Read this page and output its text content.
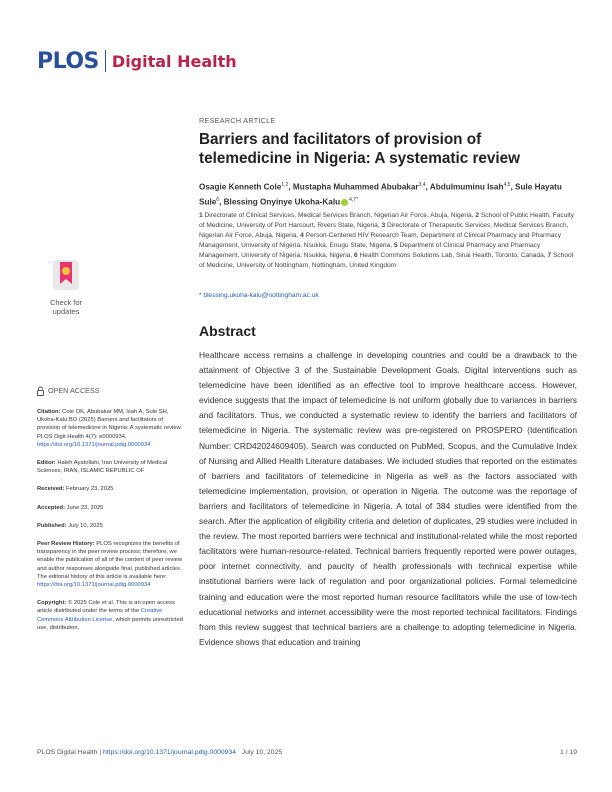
PLOS Digital Health
RESEARCH ARTICLE
Barriers and facilitators of provision of telemedicine in Nigeria: A systematic review
Osagie Kenneth Cole$^{1,2}$, Mustapha Muhammed Abubakar$^{3,4}$, Abdulmuminu Isah$^{4,5}$, Sule Hayatu Sule$^6$, Blessing Onyinye Ukoha-Kalu $^{4,7*}$
1 Directorate of Clinical Services, Medical Services Branch, Nigerian Air Force, Abuja, Nigeria, 2 School of Public Health, Faculty of Medicine, University of Port Harcourt, Rivers State, Nigeria, 3 Directorate of Therapeutic Services, Medical Services Branch, Nigerian Air Force, Abuja, Nigeria, 4 Person-Centered HIV Research Team, Department of Clinical Pharmacy and Pharmacy Management, University of Nigeria, Nsukka, Enugu State, Nigeria, 5 Department of Clinical Pharmacy and Pharmacy Management, University of Nigeria, Nsukka, Nigeria, 6 Health Commons Solutions Lab, Sinai Health, Toronto, Canada, 7 School of Medicine, University of Nottingham, Nottingham, United Kingdom
* blessing.ukoha-kalu@nottingham.ac.uk
Abstract

Healthcare access remains a challenge in developing countries and could be a drawback to the attainment of Objective 3 of the Sustainable Development Goals. Digital interventions such as telemedicine have been identified as an effective tool to improve healthcare access. However, evidence suggests that the impact of telemedicine is not uniform globally due to variances in barriers and facilitators. Thus, we conducted a systematic review to identify the barriers and facilitators of telemedicine in Nigeria. The systematic review was pre-registered on PROSPERO (Identification Number: CRD42024609405). Search was conducted on PubMed, Scopus, and the Cumulative Index of Nursing and Allied Health Literature databases. We included studies that reported on the estimates of barriers and facilitators of telemedicine in Nigeria as well as the factors associated with telemedicine implementation, provision, or operation in Nigeria. The outcome was the reportage of barriers and facilitators of telemedicine in Nigeria. A total of 384 studies were identified from the search. After the application of eligibility criteria and deletion of duplicates, 29 studies were included in the review. The most reported barriers were technical and institutional-related while the most reported facilitators were human-resource-related. Technical barriers frequently reported were power outages, poor internet connectivity, and paucity of health professionals with technical expertise while institutional barriers were lack of regulation and poor organizational policies. Formal telemedicine training and education were the most reported human resource facilitators while the use of low-tech educational networks and internet accessibility were the most reported technical facilitators. Findings from this review suggest that technical barriers are a challenge to adopting telemedicine in Nigeria. Evidence shows that education and training

Check for
updates
OPEN ACCESS

Citation: Cole OK, Abubakar MM, Isah A, Sule SH, Ukoha-Kalu BO (2025) Barriers and facilitators of provision of telemedicine in Nigeria: A systematic review. PLOS Digit Health 4(7): e0000934. https://doi.org/10.1371/journal.pdig.0000934

Editor: Haleh Ayatollahi, Iran University of Medical Sciences, IRAN, ISLAMIC REPUBLIC OF

Received: February 23, 2025

Accepted: June 23, 2025

Published: July 10, 2025

Peer Review History: PLOS recognizes the benefits of transparency in the peer review process; therefore, we enable the publication of all of the content of peer review and author responses alongside final, published articles. The editorial history of this article is available here: https://doi.org/10.1371/journal.pdig.0000934

Copyright: © 2025 Cole et al. This is an open access article distributed under the terms of the Creative Commons Attribution License, which permits unrestricted use, distribution,

PLOS Digital Health | https://doi.org/10.1371/journal.pdig.0000934 July 10, 2025	1 / 19
